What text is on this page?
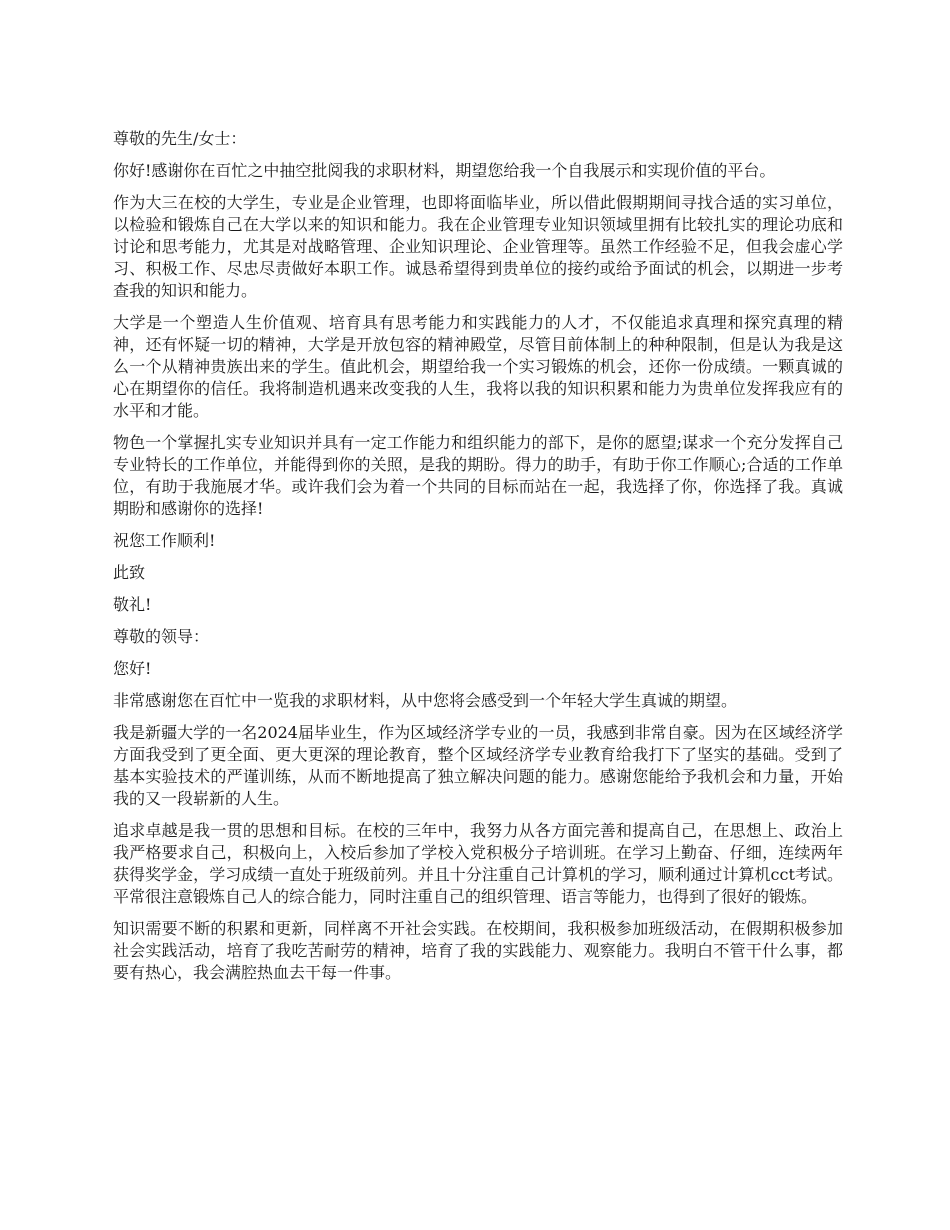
尊敬的先生/女士：

你好!感谢你在百忙之中抽空批阅我的求职材料，期望您给我一个自我展示和实现价值的平台。

作为大三在校的大学生，专业是企业管理，也即将面临毕业，所以借此假期期间寻找合适的实习单位，以检验和锻炼自己在大学以来的知识和能力。我在企业管理专业知识领域里拥有比较扎实的理论功底和讨论和思考能力，尤其是对战略管理、企业知识理论、企业管理等。虽然工作经验不足，但我会虚心学习、积极工作、尽忠尽责做好本职工作。诚恳希望得到贵单位的接约或给予面试的机会，以期进一步考查我的知识和能力。

大学是一个塑造人生价值观、培育具有思考能力和实践能力的人才，不仅能追求真理和探究真理的精神，还有怀疑一切的精神，大学是开放包容的精神殿堂，尽管目前体制上的种种限制，但是认为我是这么一个从精神贵族出来的学生。值此机会，期望给我一个实习锻炼的机会，还你一份成绩。一颗真诚的心在期望你的信任。我将制造机遇来改变我的人生，我将以我的知识积累和能力为贵单位发挥我应有的水平和才能。

物色一个掌握扎实专业知识并具有一定工作能力和组织能力的部下，是你的愿望;谋求一个充分发挥自己专业特长的工作单位，并能得到你的关照，是我的期盼。得力的助手，有助于你工作顺心;合适的工作单位，有助于我施展才华。或许我们会为着一个共同的目标而站在一起，我选择了你，你选择了我。真诚期盼和感谢你的选择!

祝您工作顺利!

此致

敬礼!

尊敬的领导：

您好!

非常感谢您在百忙中一览我的求职材料，从中您将会感受到一个年轻大学生真诚的期望。

我是新疆大学的一名2024届毕业生，作为区域经济学专业的一员，我感到非常自豪。因为在区域经济学方面我受到了更全面、更大更深的理论教育，整个区域经济学专业教育给我打下了坚实的基础。受到了基本实验技术的严谨训练，从而不断地提高了独立解决问题的能力。感谢您能给予我机会和力量，开始我的又一段崭新的人生。

追求卓越是我一贯的思想和目标。在校的三年中，我努力从各方面完善和提高自己，在思想上、政治上我严格要求自己，积极向上，入校后参加了学校入党积极分子培训班。在学习上勤奋、仔细，连续两年获得奖学金，学习成绩一直处于班级前列。并且十分注重自己计算机的学习，顺利通过计算机cct考试。平常很注意锻炼自己人的综合能力，同时注重自己的组织管理、语言等能力，也得到了很好的锻炼。

知识需要不断的积累和更新，同样离不开社会实践。在校期间，我积极参加班级活动，在假期积极参加社会实践活动，培育了我吃苦耐劳的精神，培育了我的实践能力、观察能力。我明白不管干什么事，都要有热心，我会满腔热血去干每一件事。
